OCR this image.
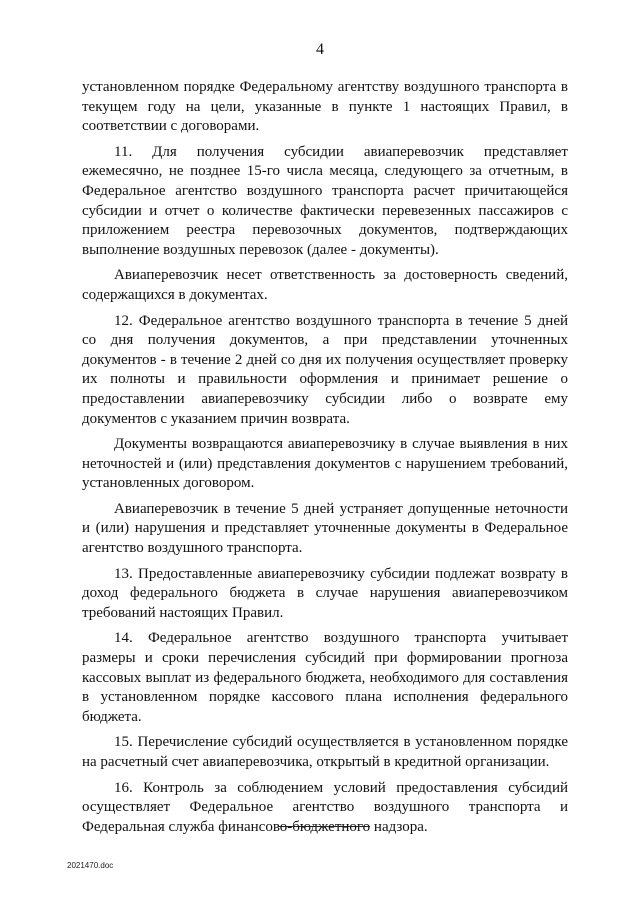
4

установленном порядке Федеральному агентству воздушного транспорта в текущем году на цели, указанные в пункте 1 настоящих Правил, в соответствии с договорами.

11. Для получения субсидии авиаперевозчик представляет ежемесячно, не позднее 15-го числа месяца, следующего за отчетным, в Федеральное агентство воздушного транспорта расчет причитающейся субсидии и отчет о количестве фактически перевезенных пассажиров с приложением реестра перевозочных документов, подтверждающих выполнение воздушных перевозок (далее - документы).

Авиаперевозчик несет ответственность за достоверность сведений, содержащихся в документах.

12. Федеральное агентство воздушного транспорта в течение 5 дней со дня получения документов, а при представлении уточненных документов - в течение 2 дней со дня их получения осуществляет проверку их полноты и правильности оформления и принимает решение о предоставлении авиаперевозчику субсидии либо о возврате ему документов с указанием причин возврата.

Документы возвращаются авиаперевозчику в случае выявления в них неточностей и (или) представления документов с нарушением требований, установленных договором.

Авиаперевозчик в течение 5 дней устраняет допущенные неточности и (или) нарушения и представляет уточненные документы в Федеральное агентство воздушного транспорта.

13. Предоставленные авиаперевозчику субсидии подлежат возврату в доход федерального бюджета в случае нарушения авиаперевозчиком требований настоящих Правил.

14. Федеральное агентство воздушного транспорта учитывает размеры и сроки перечисления субсидий при формировании прогноза кассовых выплат из федерального бюджета, необходимого для составления в установленном порядке кассового плана исполнения федерального бюджета.

15. Перечисление субсидий осуществляется в установленном порядке на расчетный счет авиаперевозчика, открытый в кредитной организации.

16. Контроль за соблюдением условий предоставления субсидий осуществляет Федеральное агентство воздушного транспорта и Федеральная служба финансово-бюджетного надзора.

2021470.doc
